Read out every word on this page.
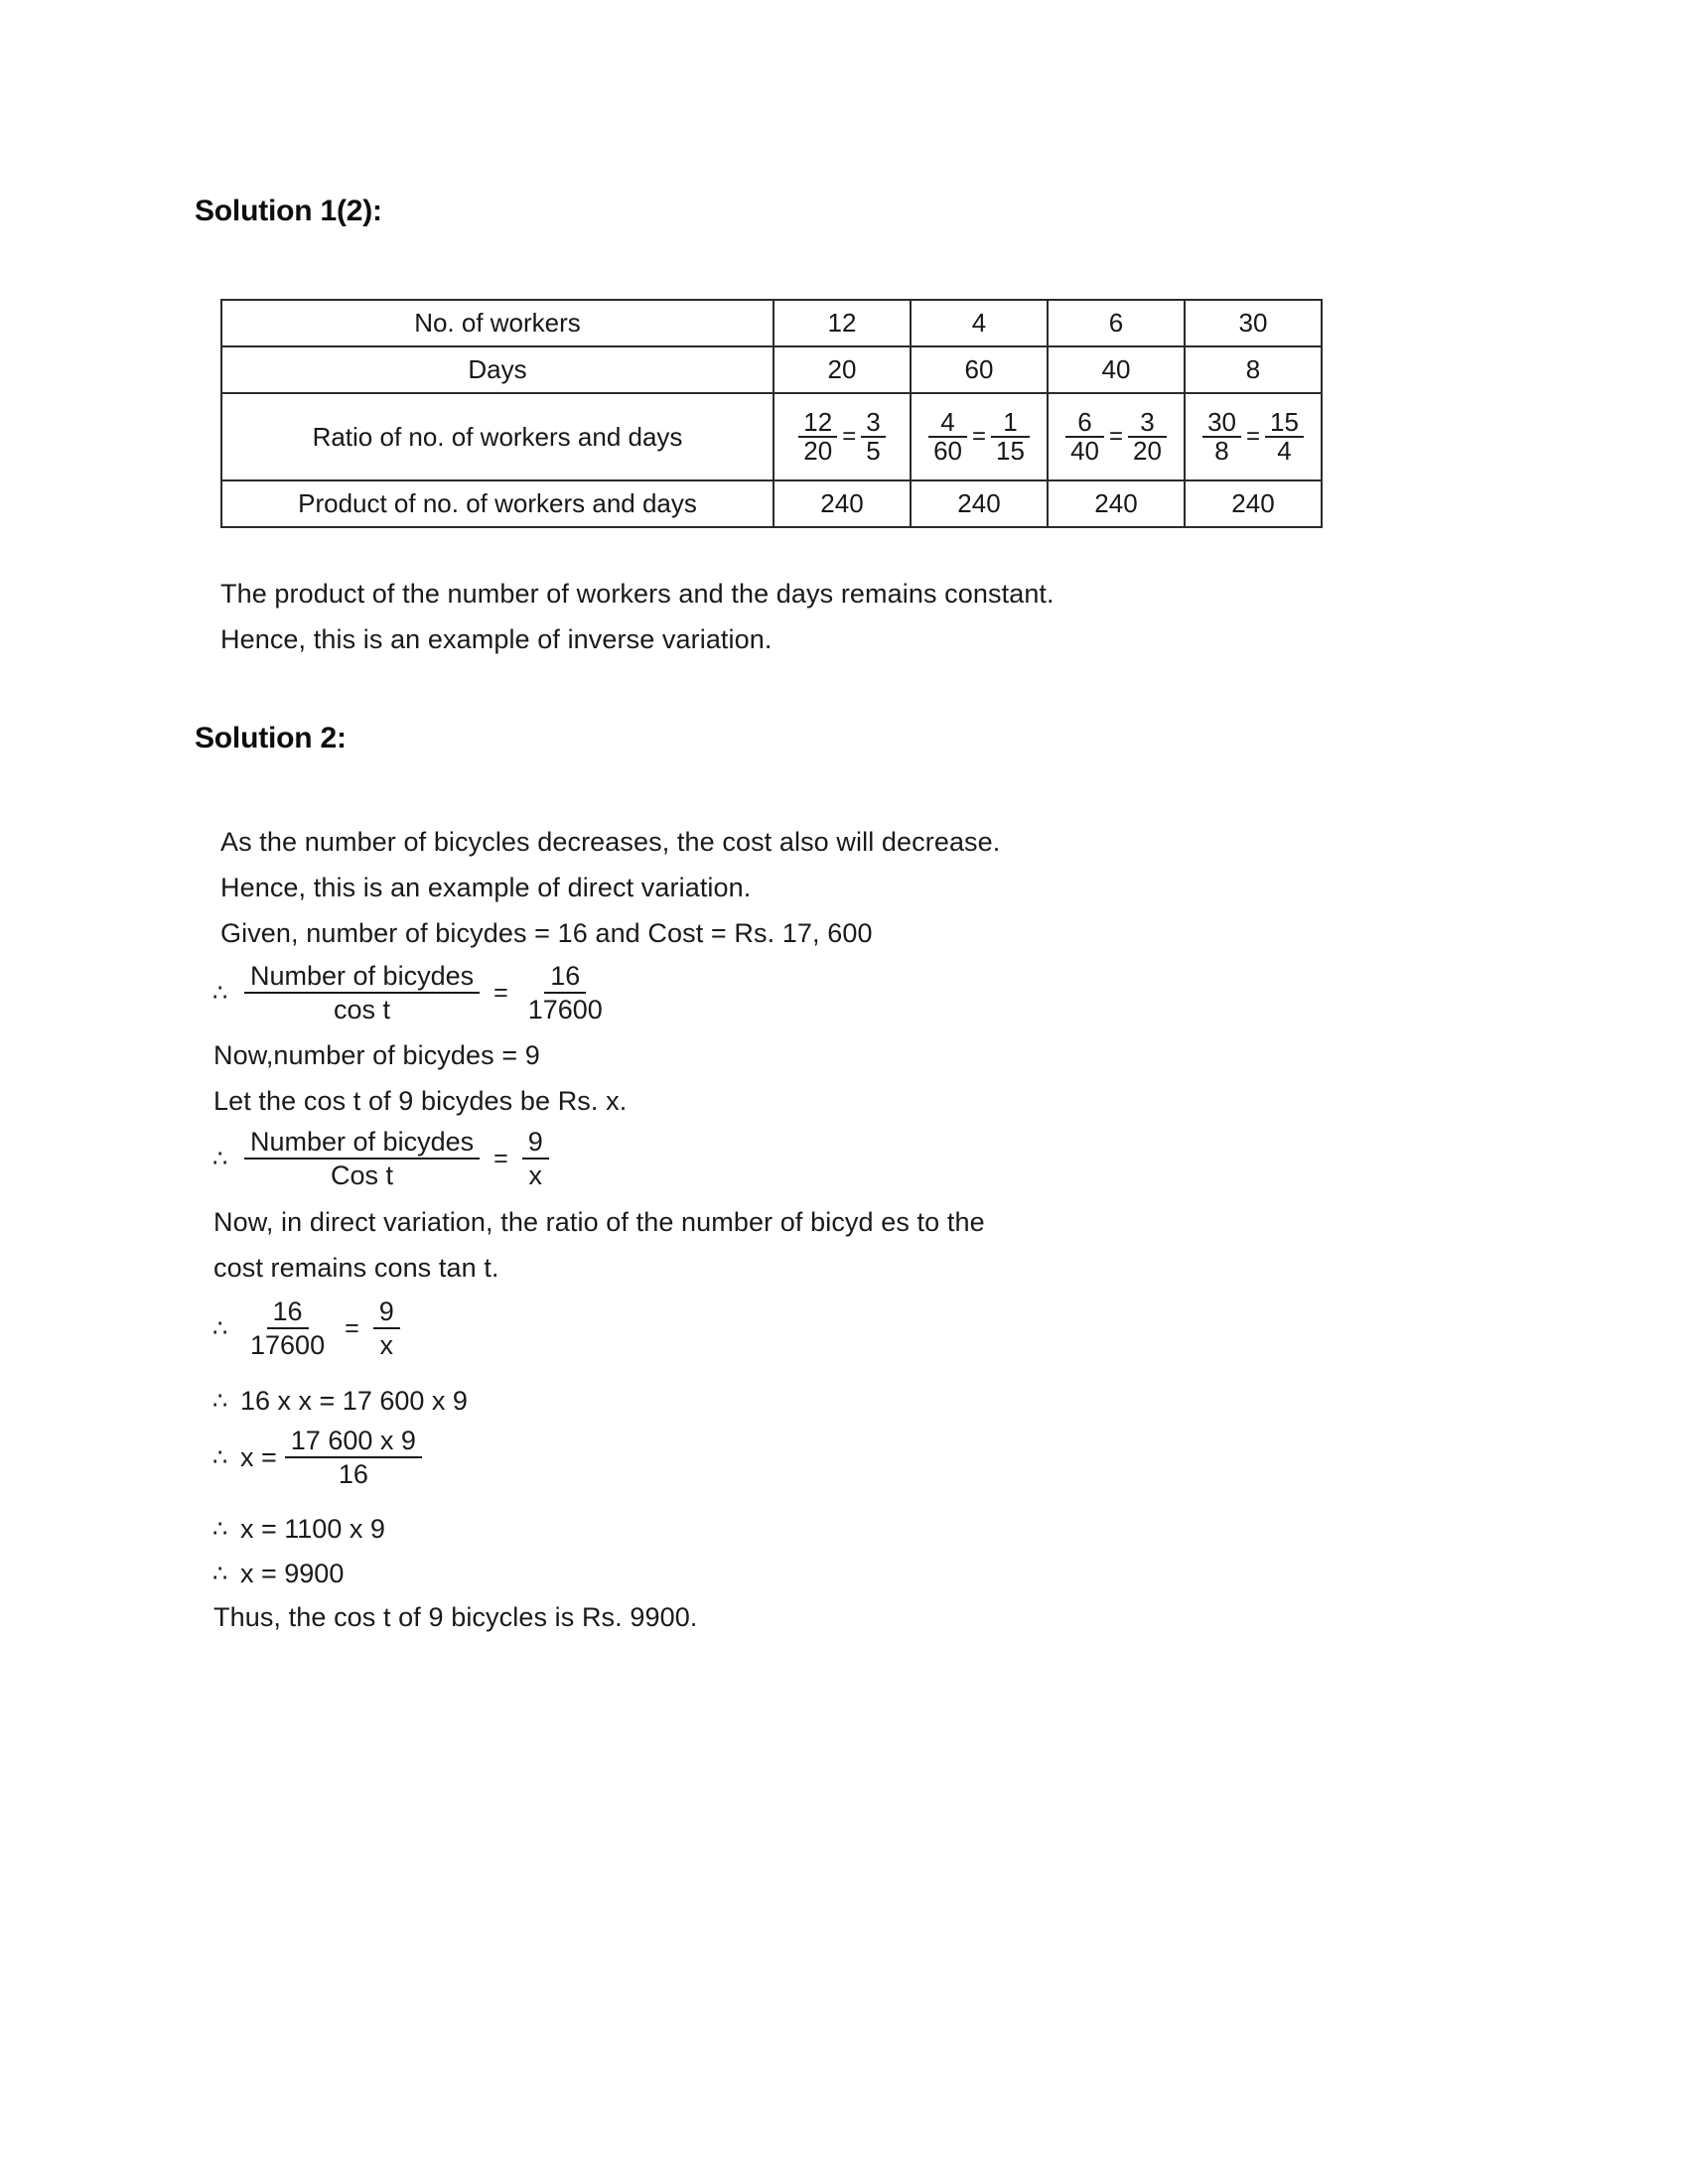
Solution 1(2):
No. of workers	12	4	6	30
Days	20	60	40	8
Ratio of no. of workers and days	$\frac{12}{20} = \frac{3}{5}$	$\frac{4}{60} = \frac{1}{15}$	$\frac{6}{40} = \frac{3}{20}$	$\frac{30}{8} = \frac{15}{4}$

Product of no. of workers and days	240	240	240	240
The product of the number of workers and the days remains constant.
Hence, this is an example of inverse variation.
Solution 2:
As the number of bicycles decreases, the cost also will decrease.
Hence, this is an example of direct variation.
Given, number of bicydes = 16 and Cost = Rs. 17, 600
∴ $\frac{\text{Number of bicydes}}{\text{cos t}} = \frac{16}{17600}$
Now,number of bicydes = 9
Let the cos t of 9 bicydes be Rs. x.
∴ $\frac{\text{Number of bicydes}}{\text{Cos t}} = \frac{9}{x}$
Now, in direct variation, the ratio of the number of bicyd es to the
cost remains cons tan t.
∴ $\frac{16}{17600} = \frac{9}{x}$
∴ 16 x x = 17 600 x 9
∴ $x = \frac{17 600 x 9}{16}$
∴ x = 1100 x 9
∴ x = 9900
Thus, the cos t of 9 bicycles is Rs. 9900.
